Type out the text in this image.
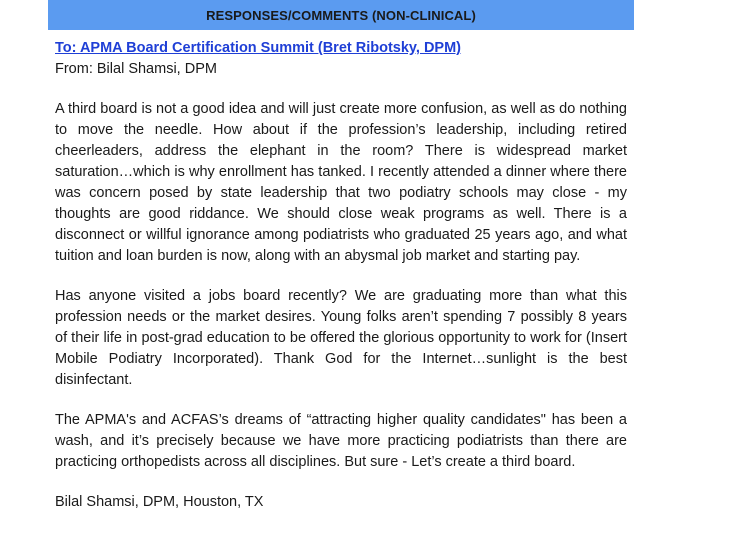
RESPONSES/COMMENTS (NON-CLINICAL)
To: APMA Board Certification Summit (Bret Ribotsky, DPM)
From: Bilal Shamsi, DPM

A third board is not a good idea and will just create more confusion, as well as do nothing to move the needle. How about if the profession’s leadership, including retired cheerleaders, address the elephant in the room? There is widespread market saturation…which is why enrollment has tanked. I recently attended a dinner where there was concern posed by state leadership that two podiatry schools may close - my thoughts are good riddance. We should close weak programs as well. There is a disconnect or willful ignorance among podiatrists who graduated 25 years ago, and what tuition and loan burden is now, along with an abysmal job market and starting pay.

Has anyone visited a jobs board recently? We are graduating more than what this profession needs or the market desires. Young folks aren’t spending 7 possibly 8 years of their life in post-grad education to be offered the glorious opportunity to work for (Insert Mobile Podiatry Incorporated). Thank God for the Internet…sunlight is the best disinfectant.

The APMA's and ACFAS’s dreams of “attracting higher quality candidates" has been a wash, and it’s precisely because we have more practicing podiatrists than there are practicing orthopedists across all disciplines. But sure - Let’s create a third board.

Bilal Shamsi, DPM, Houston, TX
